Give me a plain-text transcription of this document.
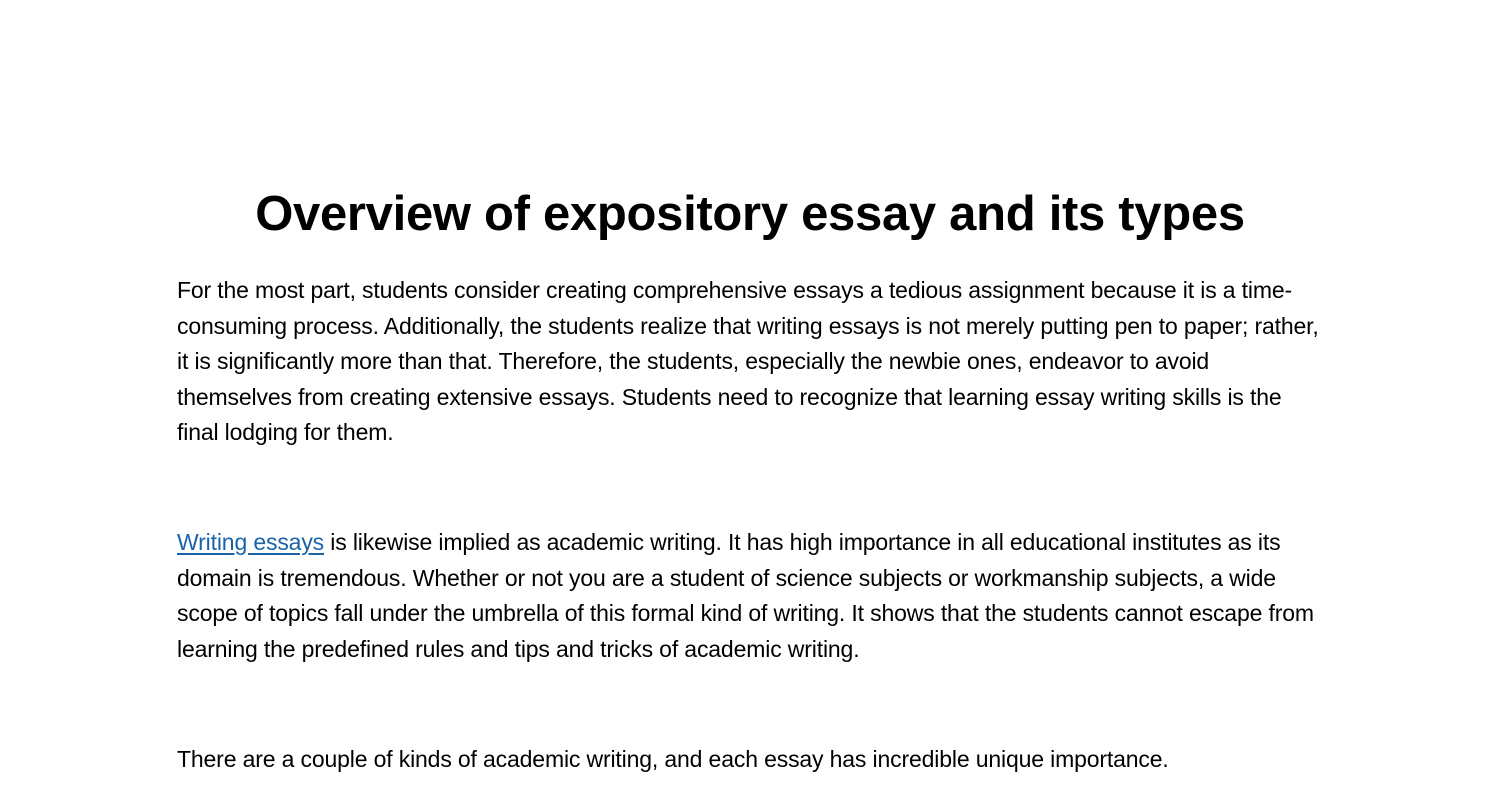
Overview of expository essay and its types

For the most part, students consider creating comprehensive essays a tedious assignment because it is a time-consuming process. Additionally, the students realize that writing essays is not merely putting pen to paper; rather, it is significantly more than that. Therefore, the students, especially the newbie ones, endeavor to avoid themselves from creating extensive essays. Students need to recognize that learning essay writing skills is the final lodging for them.

Writing essays is likewise implied as academic writing. It has high importance in all educational institutes as its domain is tremendous. Whether or not you are a student of science subjects or workmanship subjects, a wide scope of topics fall under the umbrella of this formal kind of writing. It shows that the students cannot escape from learning the predefined rules and tips and tricks of academic writing.

There are a couple of kinds of academic writing, and each essay has incredible unique importance.
